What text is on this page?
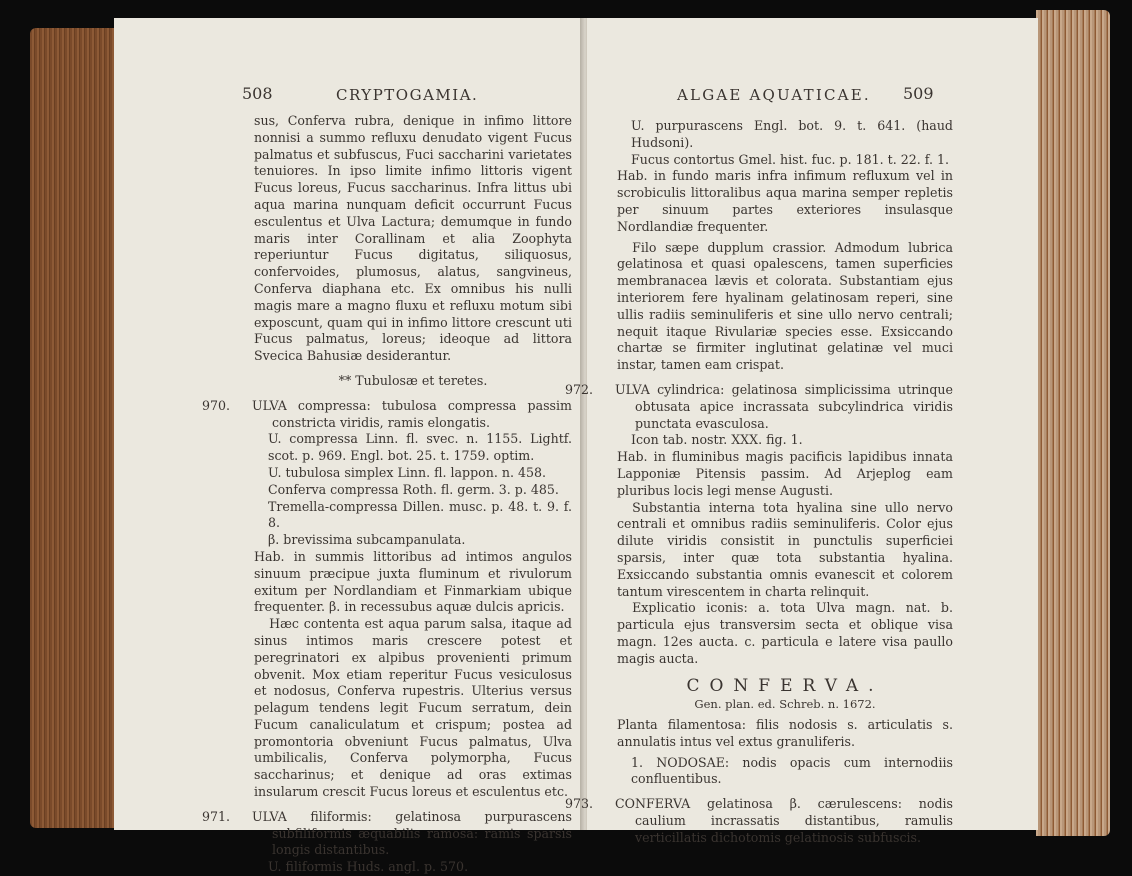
508	CRYPTOGAMIA.

sus, Conferva rubra, denique in infimo littore nonnisi a summo refluxu denudato vigent Fucus palmatus et subfuscus, Fuci saccharini varietates tenuiores. In ipso limite infimo littoris vigent Fucus loreus, Fucus saccharinus. Infra littus ubi aqua marina nunquam deficit occurrunt Fucus esculentus et Ulva Lactura; demumque in fundo maris inter Corallinam et alia Zoophyta reperiuntur Fucus digitatus, siliquosus, confervoides, plumosus, alatus, sangvineus, Conferva diaphana etc. Ex omnibus his nulli magis mare a magno fluxu et refluxu motum sibi exposcunt, quam qui in infimo littore crescunt uti Fucus palmatus, loreus; ideoque ad littora Svecica Bahusiæ desiderantur.

** Tubulosæ et teretes.

970. ULVA compressa: tubulosa compressa passim constricta viridis, ramis elongatis.

U. compressa Linn. fl. svec. n. 1155. Lightf. scot. p. 969. Engl. bot. 25. t. 1759. optim.

U. tubulosa simplex Linn. fl. lappon. n. 458.

Conferva compressa Roth. fl. germ. 3. p. 485.

Tremella-compressa Dillen. musc. p. 48. t. 9. f. 8.

β. brevissima subcampanulata.

Hab. in summis littoribus ad intimos angulos sinuum præcipue juxta fluminum et rivulorum exitum per Nordlandiam et Finmarkiam ubique frequenter. β. in recessubus aquæ dulcis apricis.

Hæc contenta est aqua parum salsa, itaque ad sinus intimos maris crescere potest et peregrinatori ex alpibus provenienti primum obvenit. Mox etiam reperitur Fucus vesiculosus et nodosus, Conferva rupestris. Ulterius versus pelagum tendens legit Fucum serratum, dein Fucum canaliculatum et crispum; postea ad promontoria obveniunt Fucus palmatus, Ulva umbilicalis, Conferva polymorpha, Fucus saccharinus; et denique ad oras extimas insularum crescit Fucus loreus et esculentus etc.

971. ULVA filiformis: gelatinosa purpurascens subfiliformis æquabilis ramosa: ramis sparsis longis distantibus.

U. filiformis Huds. angl. p. 570.

ALGAE AQUATICAE. 509

U. purpurascens Engl. bot. 9. t. 641. (haud Hudsoni).

Fucus contortus Gmel. hist. fuc. p. 181. t. 22. f. 1.

Hab. in fundo maris infra infimum refluxum vel in scrobiculis littoralibus aqua marina semper repletis per sinuum partes exteriores insulasque Nordlandiæ frequenter.

Filo sæpe dupplum crassior. Admodum lubrica gelatinosa et quasi opalescens, tamen superficies membranacea lævis et colorata. Substantiam ejus interiorem fere hyalinam gelatinosam reperi, sine ullis radiis seminuliferis et sine ullo nervo centrali; nequit itaque Rivulariæ species esse. Exsiccando chartæ se firmiter inglutinat gelatinæ vel muci instar, tamen eam crispat.

972. ULVA cylindrica: gelatinosa simplicissima utrinque obtusata apice incrassata subcylindrica viridis punctata evasculosa.

Icon tab. nostr. XXX. fig. 1.

Hab. in fluminibus magis pacificis lapidibus innata Lapponiæ Pitensis passim. Ad Arjeplog eam pluribus locis legi mense Augusti.

Substantia interna tota hyalina sine ullo nervo centrali et omnibus radiis seminuliferis. Color ejus dilute viridis consistit in punctulis superficiei sparsis, inter quæ tota substantia hyalina. Exsiccando substantia omnis evanescit et colorem tantum virescentem in charta relinquit.

Explicatio iconis: a. tota Ulva magn. nat. b. particula ejus transversim secta et oblique visa magn. 12es aucta. c. particula e latere visa paullo magis aucta.

CONFERVA.

Gen. plan. ed. Schreb. n. 1672.

Planta filamentosa: filis nodosis s. articulatis s. annulatis intus vel extus granuliferis.

1. NODOSAE: nodis opacis cum internodiis confluentibus.

973. CONFERVA gelatinosa β. cærulescens: nodis caulium incrassatis distantibus, ramulis verticillatis dichotomis gelatinosis subfuscis.
